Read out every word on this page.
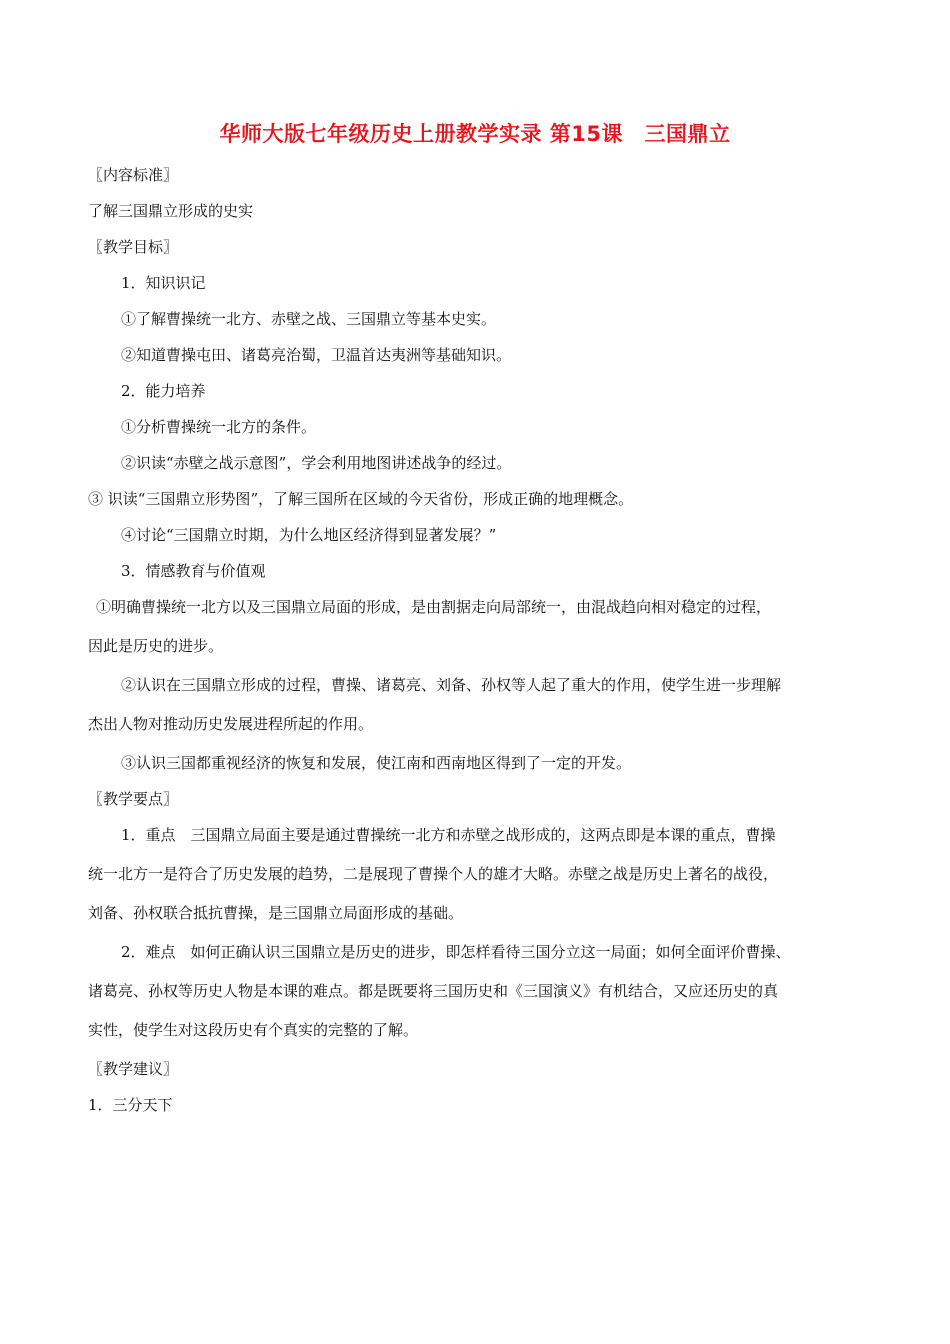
华师大版七年级历史上册教学实录 第15课　三国鼎立
〖内容标准〗
了解三国鼎立形成的史实
〖教学目标〗
1．知识识记
①了解曹操统一北方、赤壁之战、三国鼎立等基本史实。
②知道曹操屯田、诸葛亮治蜀，卫温首达夷洲等基础知识。
2．能力培养
①分析曹操统一北方的条件。
②识读“赤壁之战示意图”，学会利用地图讲述战争的经过。
③ 识读“三国鼎立形势图”，了解三国所在区域的今天省份，形成正确的地理概念。
④讨论“三国鼎立时期，为什么地区经济得到显著发展？”
3．情感教育与价值观
①明确曹操统一北方以及三国鼎立局面的形成，是由割据走向局部统一，由混战趋向相对稳定的过程，
因此是历史的进步。
②认识在三国鼎立形成的过程，曹操、诸葛亮、刘备、孙权等人起了重大的作用，使学生进一步理解
杰出人物对推动历史发展进程所起的作用。
③认识三国都重视经济的恢复和发展，使江南和西南地区得到了一定的开发。
〖教学要点〗
1．重点　三国鼎立局面主要是通过曹操统一北方和赤壁之战形成的，这两点即是本课的重点，曹操
统一北方一是符合了历史发展的趋势，二是展现了曹操个人的雄才大略。赤壁之战是历史上著名的战役，
刘备、孙权联合抵抗曹操，是三国鼎立局面形成的基础。
2．难点　如何正确认识三国鼎立是历史的进步，即怎样看待三国分立这一局面；如何全面评价曹操、
诸葛亮、孙权等历史人物是本课的难点。都是既要将三国历史和《三国演义》有机结合，又应还历史的真
实性，使学生对这段历史有个真实的完整的了解。
〖教学建议〗
1．三分天下
